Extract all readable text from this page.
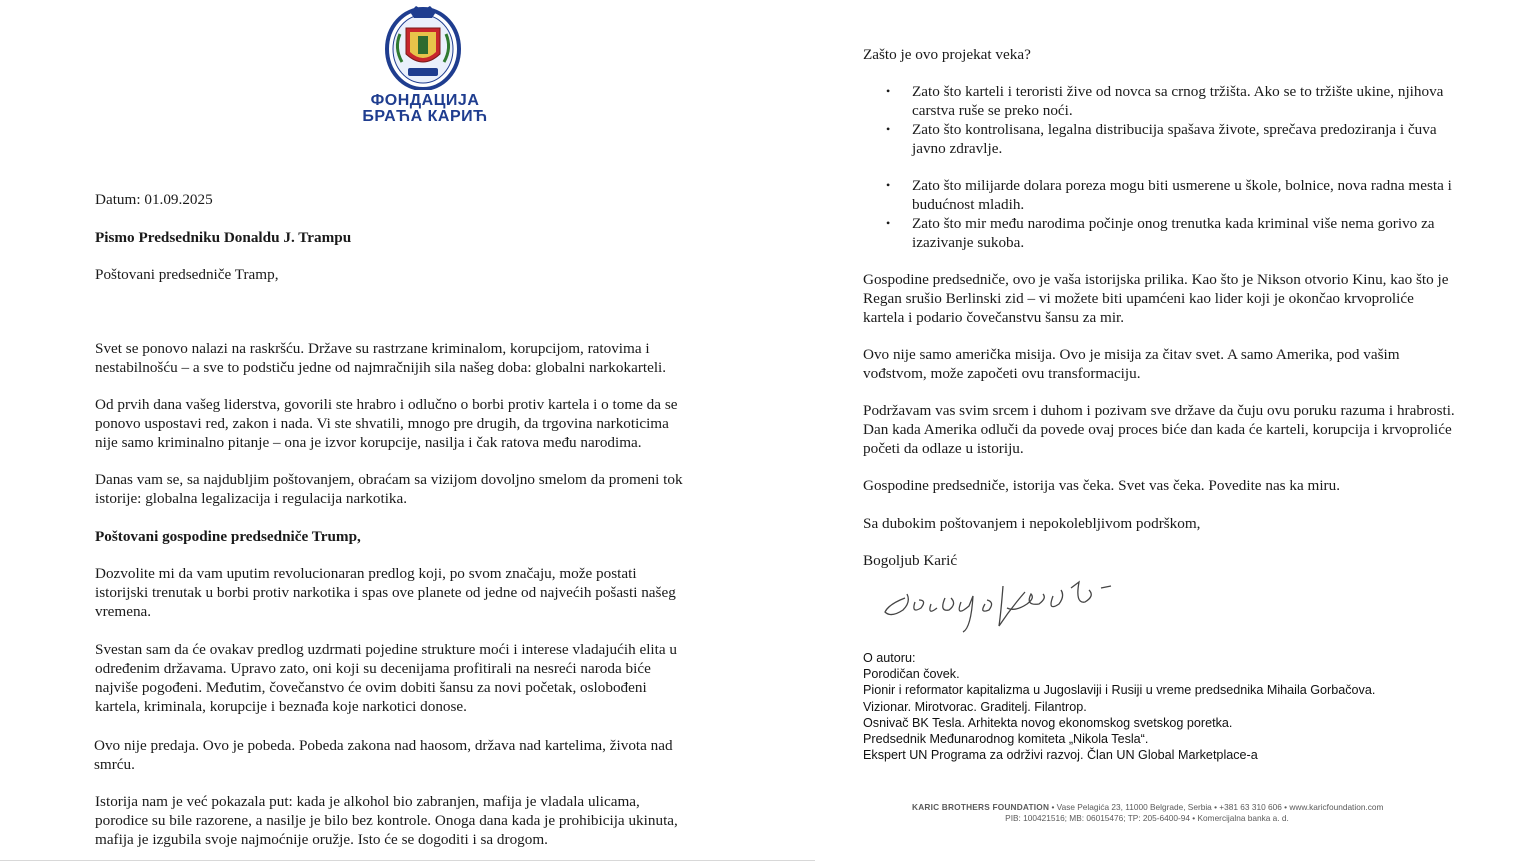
ФОНДАЦИЈА
БРАЋА КАРИЋ

Datum: 01.09.2025

Pismo Predsedniku Donaldu J. Trampu

Poštovani predsedniče Tramp,

Svet se ponovo nalazi na raskršću. Države su rastrzane kriminalom, korupcijom, ratovima i
nestabilnošću – a sve to podstiču jedne od najmračnijih sila našeg doba: globalni narkokarteli.
Od prvih dana vašeg liderstva, govorili ste hrabro i odlučno o borbi protiv kartela i o tome da se
ponovo uspostavi red, zakon i nada. Vi ste shvatili, mnogo pre drugih, da trgovina narkoticima
nije samo kriminalno pitanje – ona je izvor korupcije, nasilja i čak ratova među narodima.
Danas vam se, sa najdubljim poštovanjem, obraćam sa vizijom dovoljno smelom da promeni tok
istorije: globalna legalizacija i regulacija narkotika.

Poštovani gospodine predsedniče Trump,

Dozvolite mi da vam uputim revolucionaran predlog koji, po svom značaju, može postati
istorijski trenutak u borbi protiv narkotika i spas ove planete od jedne od najvećih pošasti našeg
vremena.
Svestan sam da će ovakav predlog uzdrmati pojedine strukture moći i interese vladajućih elita u
određenim državama. Upravo zato, oni koji su decenijama profitirali na nesreći naroda biće
najviše pogođeni. Međutim, čovečanstvo će ovim dobiti šansu za novi početak, oslobođeni
kartela, kriminala, korupcije i beznađa koje narkotici donose.
Ovo nije predaja. Ovo je pobeda. Pobeda zakona nad haosom, država nad kartelima, života nad
smrću.
Istorija nam je već pokazala put: kada je alkohol bio zabranjen, mafija je vladala ulicama,
porodice su bile razorene, a nasilje je bilo bez kontrole. Onoga dana kada je prohibicija ukinuta,
mafija je izgubila svoje najmoćnije oružje. Isto će se dogoditi i sa drogom.

Zašto je ovo projekat veka?

• Zato što karteli i teroristi žive od novca sa crnog tržišta. Ako se to tržište ukine, njihova
carstva ruše se preko noći.
• Zato što kontrolisana, legalna distribucija spašava živote, sprečava predoziranja i čuva
javno zdravlje.
• Zato što milijarde dolara poreza mogu biti usmerene u škole, bolnice, nova radna mesta i
budućnost mladih.
• Zato što mir među narodima počinje onog trenutka kada kriminal više nema gorivo za
izazivanje sukoba.
Gospodine predsedniče, ovo je vaša istorijska prilika. Kao što je Nikson otvorio Kinu, kao što je
Regan srušio Berlinski zid – vi možete biti upamćeni kao lider koji je okončao krvoproliće
kartela i podario čovečanstvu šansu za mir.
Ovo nije samo američka misija. Ovo je misija za čitav svet. A samo Amerika, pod vašim
vođstvom, može započeti ovu transformaciju.
Podržavam vas svim srcem i duhom i pozivam sve države da čuju ovu poruku razuma i hrabrosti.
Dan kada Amerika odluči da povede ovaj proces biće dan kada će karteli, korupcija i krvoproliće
početi da odlaze u istoriju.
Gospodine predsedniče, istorija vas čeka. Svet vas čeka. Povedite nas ka miru.

Sa dubokim poštovanjem i nepokolebljivom podrškom,

Bogoljub Karić

O autoru:
Porodičan čovek.
Pionir i reformator kapitalizma u Jugoslaviji i Rusiji u vreme predsednika Mihaila Gorbačova.
Vizionar. Mirotvorac. Graditelj. Filantrop.
Osnivač BK Tesla. Arhitekta novog ekonomskog svetskog poretka.
Predsednik Međunarodnog komiteta „Nikola Tesla“.
Ekspert UN Programa za održivi razvoj. Član UN Global Marketplace-a
KARIC BROTHERS FOUNDATION • Vase Pelagića 23, 11000 Belgrade, Serbia • +381 63 310 606 • www.karicfoundation.com
PIB: 100421516; MB: 06015476; TP: 205-6400-94 • Komercijalna banka a. d.
